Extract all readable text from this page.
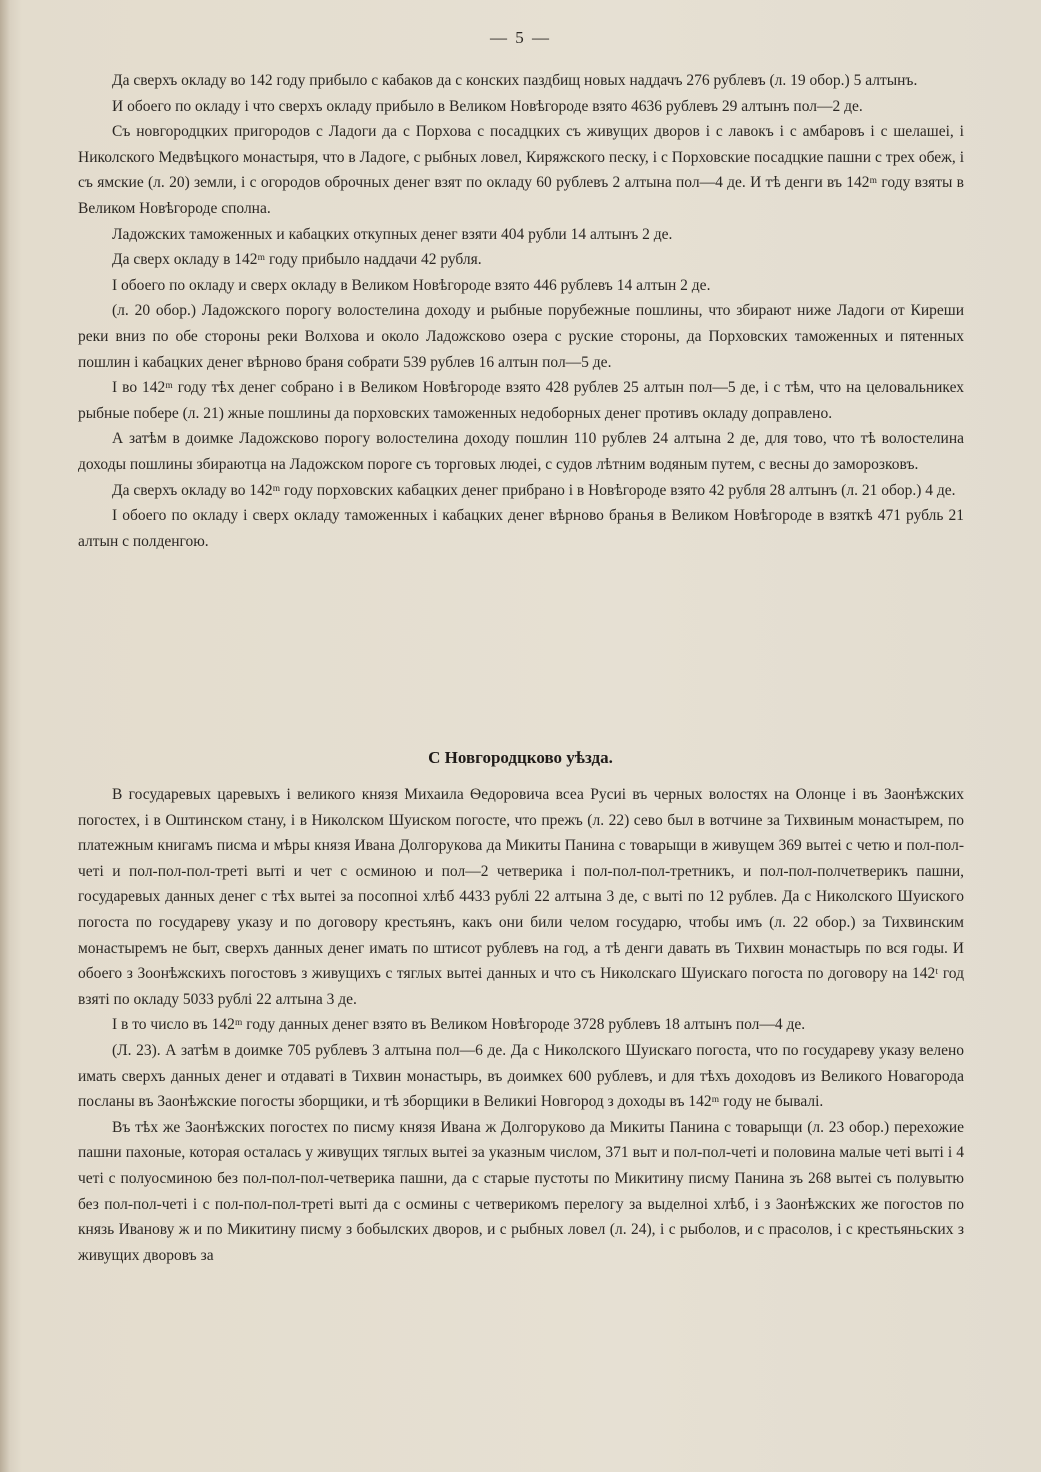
— 5 —

Да сверхъ окладу во 142 году прибыло с кабаков да с конских паздбищ новых наддачъ 276 рублевъ (л. 19 обор.) 5 алтынъ.

И обоего по окладу і что сверхъ окладу прибыло в Великом Новѣгороде взято 4636 рублевъ 29 алтынъ пол—2 де.

Съ новгородцких пригородов с Ладоги да с Порхова с посадцких съ живущих дворов і с лавокъ і с амбаровъ і с шелашеі, і Николского Медвѣцкого монастыря, что в Ладоге, с рыбных ловел, Киряжского песку, і с Порховские посадцкие пашни с трех обеж, і съ ямские (л. 20) земли, і с огородов оброчных денег взят по окладу 60 рублевъ 2 алтына пол—4 де. И тѣ денги въ 142ᵐ году взяты в Великом Новѣгороде сполна.

Ладожских таможенных и кабацких откупных денег взяти 404 рубли 14 алтынъ 2 де.

Да сверх окладу в 142ᵐ году прибыло наддачи 42 рубля.

І обоего по окладу и сверх окладу в Великом Новѣгороде взято 446 рублевъ 14 алтын 2 де.

(л. 20 обор.) Ладожского порогу волостелина доходу и рыбные порубежные пошлины, что збирают ниже Ладоги от Киреши реки вниз по обе стороны реки Волхова и около Ладожсково озера с руские стороны, да Порховских таможенных и пятенных пошлин і кабацких денег вѣрново браня собрати 539 рублев 16 алтын пол—5 де.

І во 142ᵐ году тѣх денег собрано і в Великом Новѣгороде взято 428 рублев 25 алтын пол—5 де, і с тѣм, что на целовальникех рыбные побере (л. 21) жные пошлины да порховских таможенных недоборных денег противъ окладу доправлено.

А затѣм в доимке Ладожсково порогу волостелина доходу пошлин 110 рублев 24 алтына 2 де, для тово, что тѣ волостелина доходы пошлины збираютца на Ладожском пороге съ торговых людеі, с судов лѣтним водяным путем, с весны до заморозковъ.

Да сверхъ окладу во 142ᵐ году порховских кабацких денег прибрано і в Новѣгороде взято 42 рубля 28 алтынъ (л. 21 обор.) 4 де.

І обоего по окладу і сверх окладу таможенных і кабацких денег вѣрново бранья в Великом Новѣгороде в взяткѣ 471 рубль 21 алтын с полденгою.

С Новгородцково уѣзда.

В государевых царевыхъ і великого князя Михаила Ѳедоровича всеа Русиі въ черных волостях на Олонце і въ Заонѣжских погостех, і в Оштинском стану, і в Николском Шуиском погосте, что прежъ (л. 22) сево был в вотчине за Тихвиным монастырем, по платежным книгамъ писма и мѣры князя Ивана Долгорукова да Микиты Панина с товарыщи в живущем 369 вытеі с четю и пол-пол-четі и пол-пол-пол-треті выті и чет с осминою и пол—2 четверика і пол-пол-пол-третникъ, и пол-пол-полчетверикъ пашни, государевых данных денег с тѣх вытеі за посопноі хлѣб 4433 рублі 22 алтына 3 де, с выті по 12 рублев. Да с Николского Шуиского погоста по государеву указу и по договору крестьянъ, какъ они били челом государю, чтобы имъ (л. 22 обор.) за Тихвинским монастыремъ не быт, сверхъ данных денег имать по штисот рублевъ на год, а тѣ денги давать въ Тихвин монастырь по вся годы. И обоего з Зоонѣжскихъ погостовъ з живущихъ с тяглых вытеі данных и что съ Николскаго Шуискаго погоста по договору на 142ᵗ год взяті по окладу 5033 рублі 22 алтына 3 де.

І в то число въ 142ᵐ году данных денег взято въ Великом Новѣгороде 3728 рублевъ 18 алтынъ пол—4 де.

(Л. 23). А затѣм в доимке 705 рублевъ 3 алтына пол—6 де. Да с Николского Шуискаго погоста, что по государеву указу велено имать сверхъ данных денег и отдаваті в Тихвин монастырь, въ доимкех 600 рублевъ, и для тѣхъ доходовъ из Великого Новагорода посланы въ Заонѣжские погосты зборщики, и тѣ зборщики в Великиі Новгород з доходы въ 142ᵐ году не бывалі.

Въ тѣх же Заонѣжских погостех по писму князя Ивана ж Долгоруково да Микиты Панина с товарыщи (л. 23 обор.) перехожие пашни пахоные, которая осталась у живущих тяглых вытеі за указным числом, 371 выт и пол-пол-четі и половина малые четі выті і 4 четі с полуосминою без пол-пол-пол-четверика пашни, да с старые пустоты по Микитину писму Панина зъ 268 вытеі съ полувытю без пол-пол-четі і с пол-пол-пол-треті выті да с осмины с четверикомъ перелогу за выделноі хлѣб, і з Заонѣжских же погостов по князь Иванову ж и по Микитину писму з бобылских дворов, и с рыбных ловел (л. 24), і с рыболов, и с прасолов, і с крестьяньских з живущих дворовъ за
